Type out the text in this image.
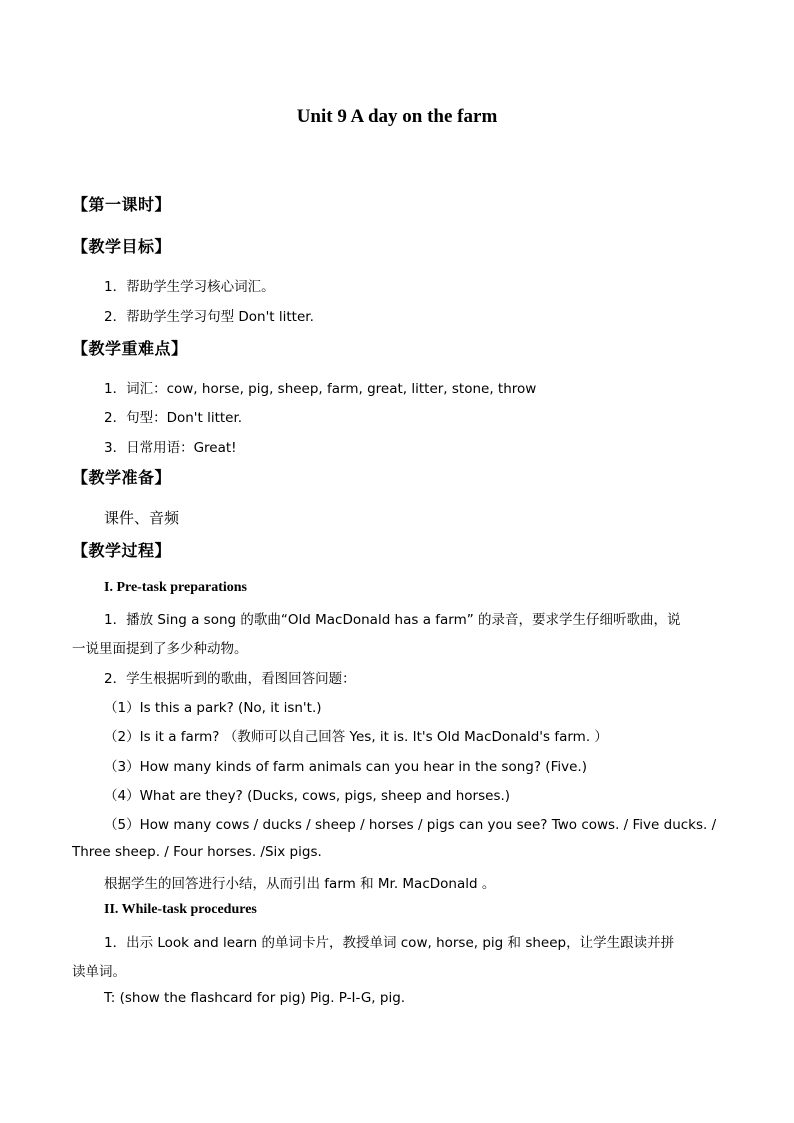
Unit 9 A day on the farm
【第一课时】
【教学目标】
1．帮助学生学习核心词汇。
2．帮助学生学习句型 Don't litter.
【教学重难点】
1．词汇：cow, horse, pig, sheep, farm, great, litter, stone, throw
2．句型：Don't litter.
3．日常用语：Great!
【教学准备】
课件、音频
【教学过程】
I. Pre-task preparations
1．播放 Sing a song 的歌曲“Old MacDonald has a farm” 的录音，要求学生仔细听歌曲，说
一说里面提到了多少种动物。
2．学生根据听到的歌曲，看图回答问题：
（1）Is this a park? (No, it isn't.)
（2）Is it a farm? （教师可以自己回答 Yes, it is. It's Old MacDonald's farm. ）
（3）How many kinds of farm animals can you hear in the song? (Five.)
（4）What are they? (Ducks, cows, pigs, sheep and horses.)
（5）How many cows / ducks / sheep / horses / pigs can you see? Two cows. / Five ducks. /
Three sheep. / Four horses. /Six pigs.
根据学生的回答进行小结，从而引出 farm 和 Mr. MacDonald 。
II. While-task procedures
1．出示 Look and learn 的单词卡片，教授单词 cow, horse, pig 和 sheep，让学生跟读并拼
读单词。
T: (show the flashcard for pig) Pig. P-I-G, pig.
